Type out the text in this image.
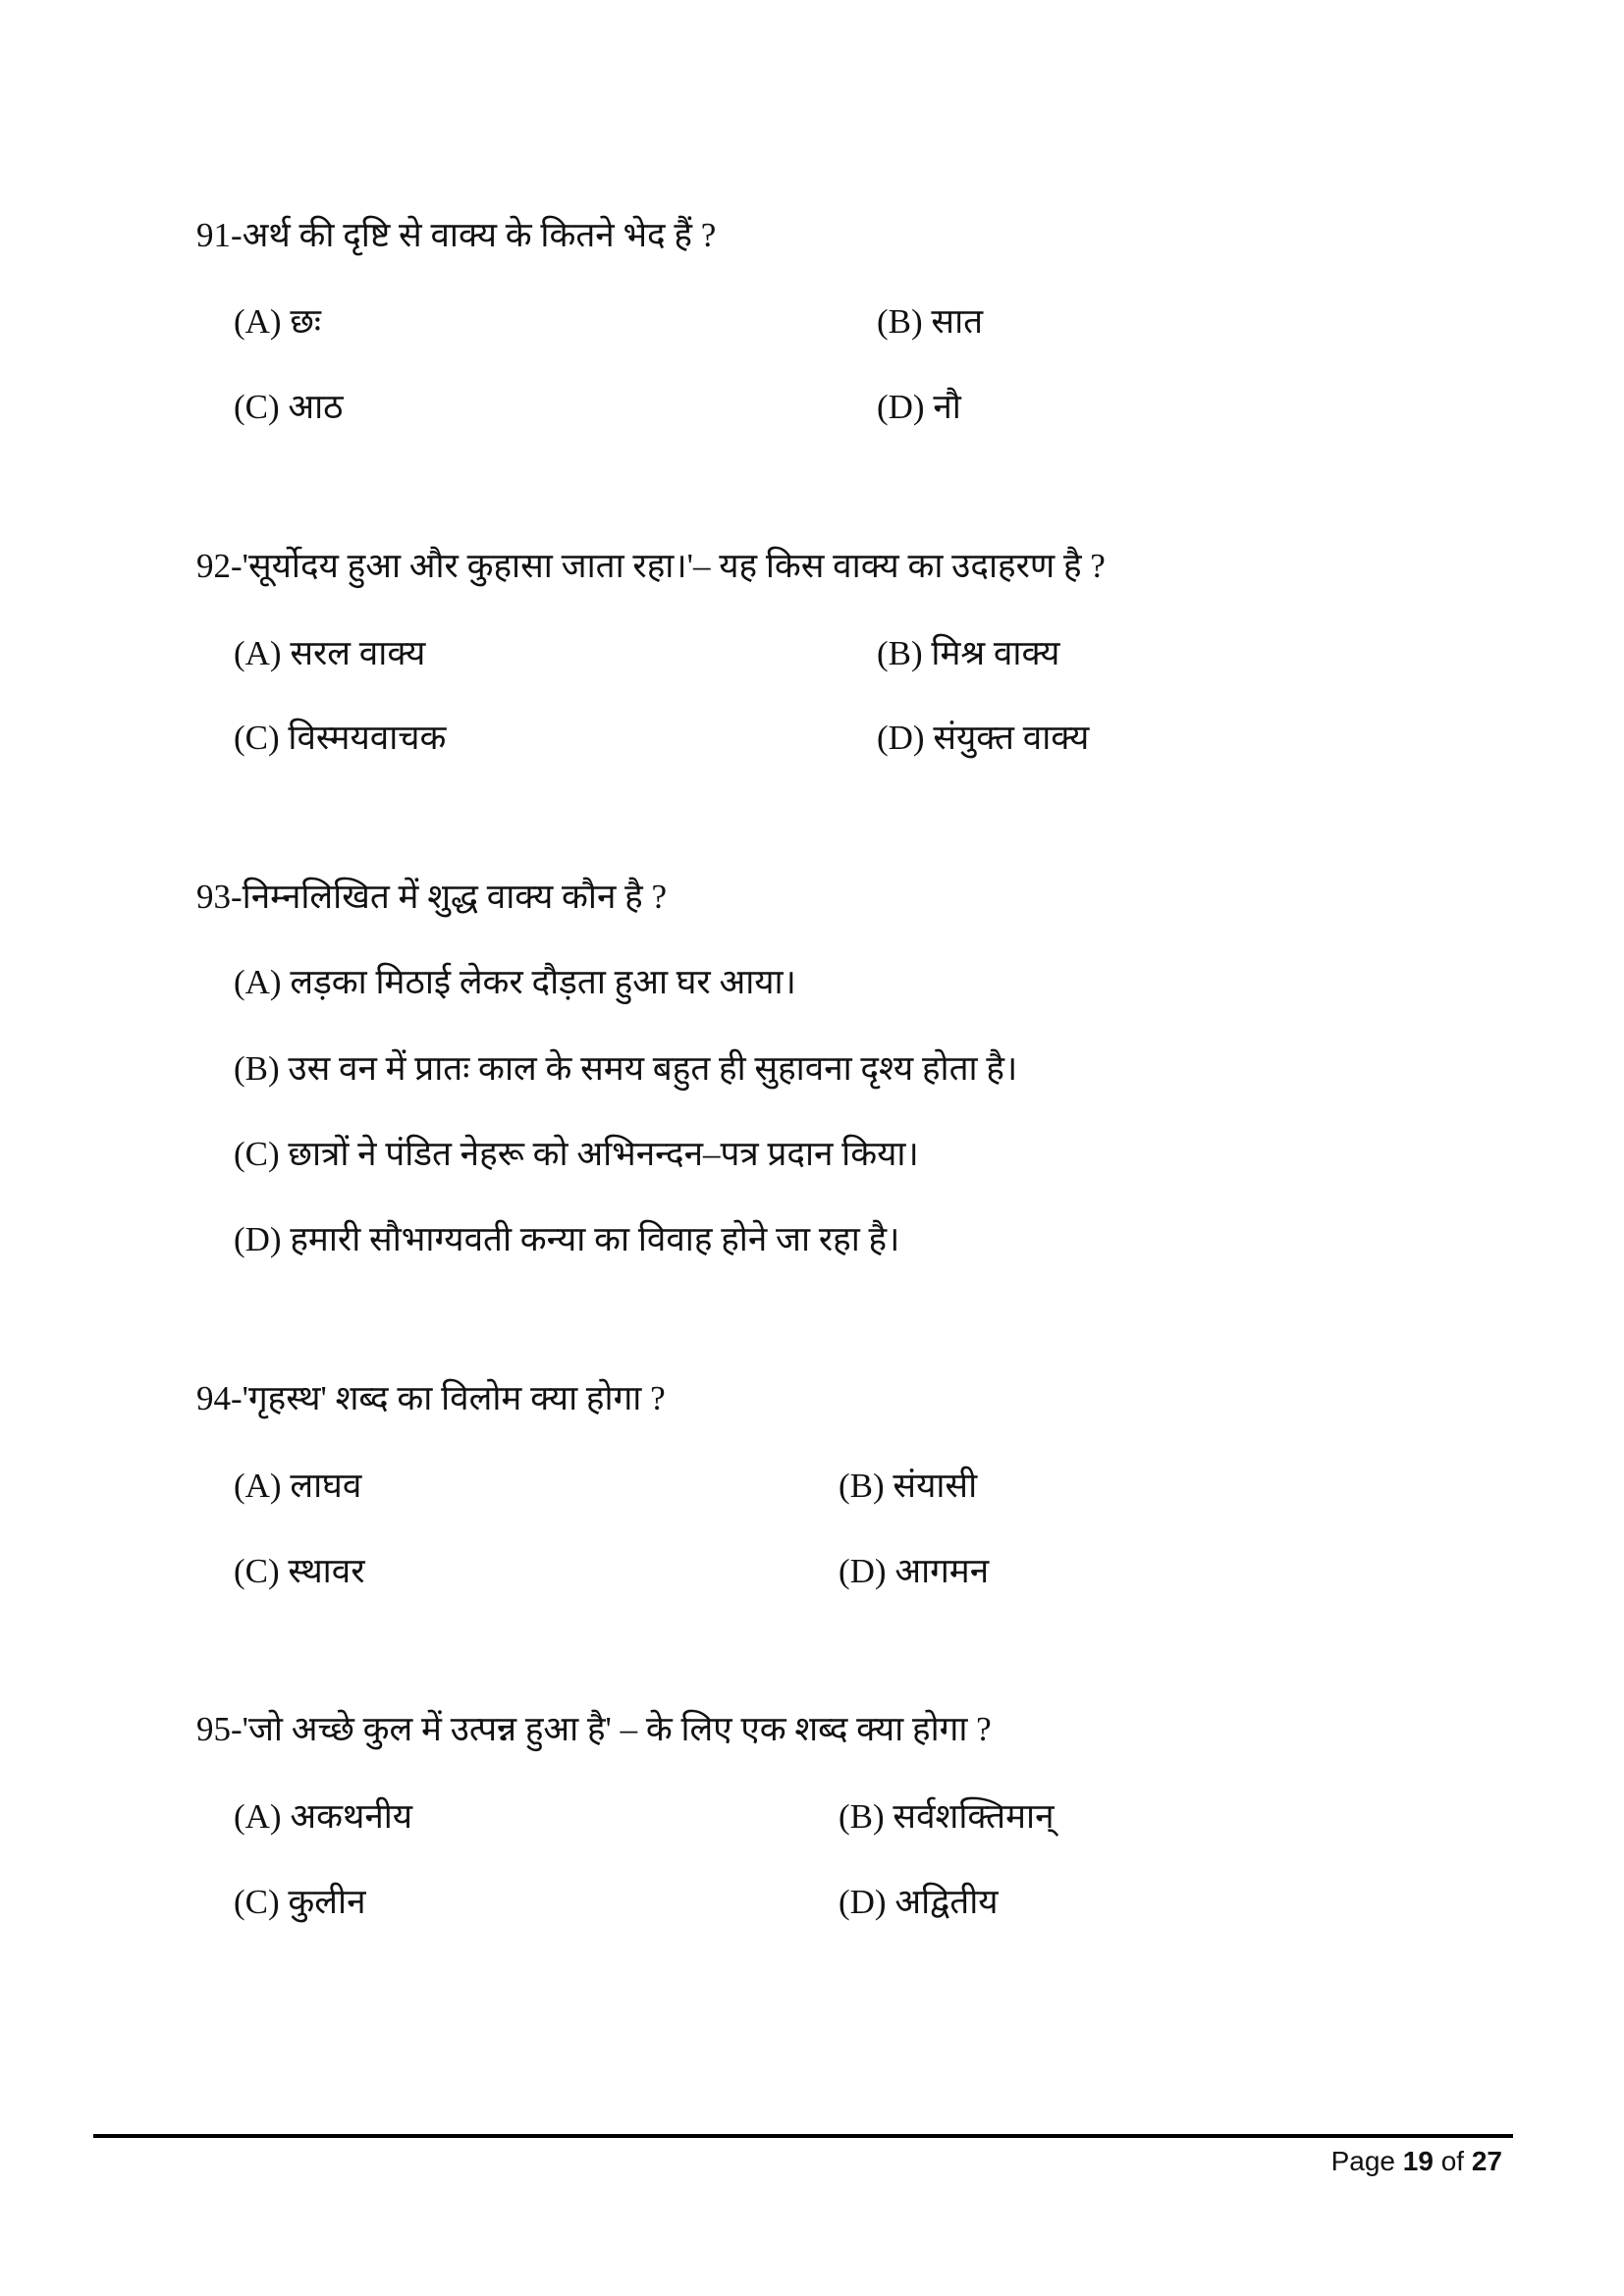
91-अर्थ की दृष्टि से वाक्य के कितने भेद हैं ?
(A) छः	(B) सात
(C) आठ	(D) नौ
92-'सूर्योदय हुआ और कुहासा जाता रहा।'– यह किस वाक्य का उदाहरण है ?
(A) सरल वाक्य	(B) मिश्र वाक्य
(C) विस्मयवाचक	(D) संयुक्त वाक्य
93-निम्नलिखित में शुद्ध वाक्य कौन है ?
(A) लड़का मिठाई लेकर दौड़ता हुआ घर आया।
(B) उस वन में प्रातः काल के समय बहुत ही सुहावना दृश्य होता है।
(C) छात्रों ने पंडित नेहरू को अभिनन्दन–पत्र प्रदान किया।
(D) हमारी सौभाग्यवती कन्या का विवाह होने जा रहा है।
94-'गृहस्थ' शब्द का विलोम क्या होगा ?
(A) लाघव	(B) संयासी
(C) स्थावर	(D) आगमन
95-'जो अच्छे कुल में उत्पन्न हुआ है' – के लिए एक शब्द क्या होगा ?
(A) अकथनीय	(B) सर्वशक्तिमान्
(C) कुलीन	(D) अद्वितीय
Page 19 of 27
